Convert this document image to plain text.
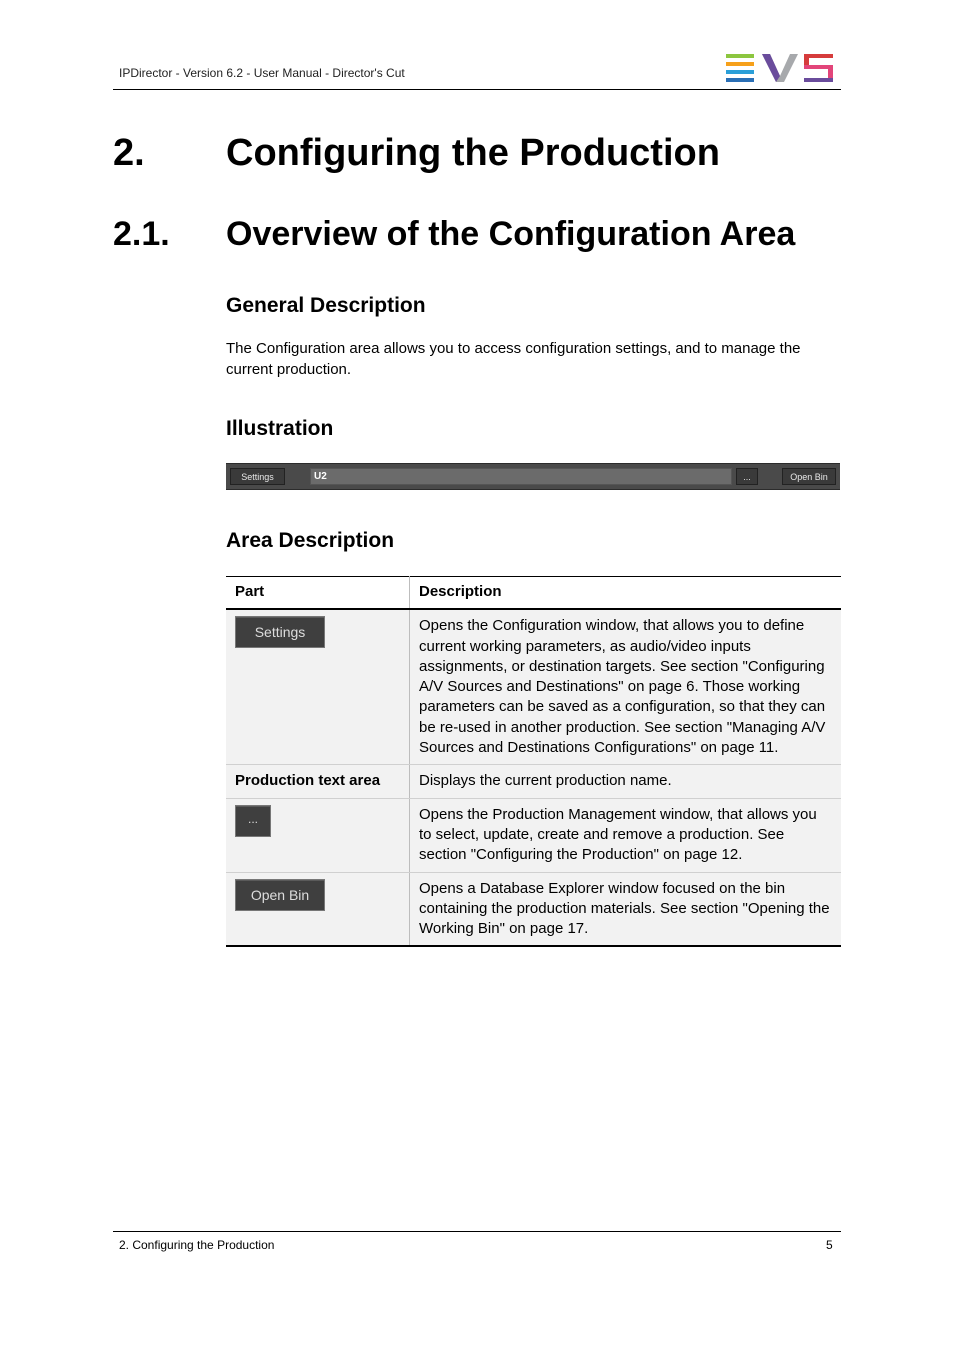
IPDirector - Version 6.2 - User Manual - Director's Cut
2. Configuring the Production
2.1. Overview of the Configuration Area
General Description
The Configuration area allows you to access configuration settings, and to manage the current production.
Illustration
Settings	U2	...	Open Bin
Area Description
Part	Description
Settings	Opens the Configuration window, that allows you to define current working parameters, as audio/video inputs assignments, or destination targets. See section "Configuring A/V Sources and Destinations" on page 6. Those working parameters can be saved as a configuration, so that they can be re-used in another production. See section "Managing A/V Sources and Destinations Configurations" on page 11.
Production text area	Displays the current production name.
...	Opens the Production Management window, that allows you to select, update, create and remove a production. See section "Configuring the Production" on page 12.
Open Bin	Opens a Database Explorer window focused on the bin containing the production materials. See section "Opening the Working Bin" on page 17.
2. Configuring the Production	5
